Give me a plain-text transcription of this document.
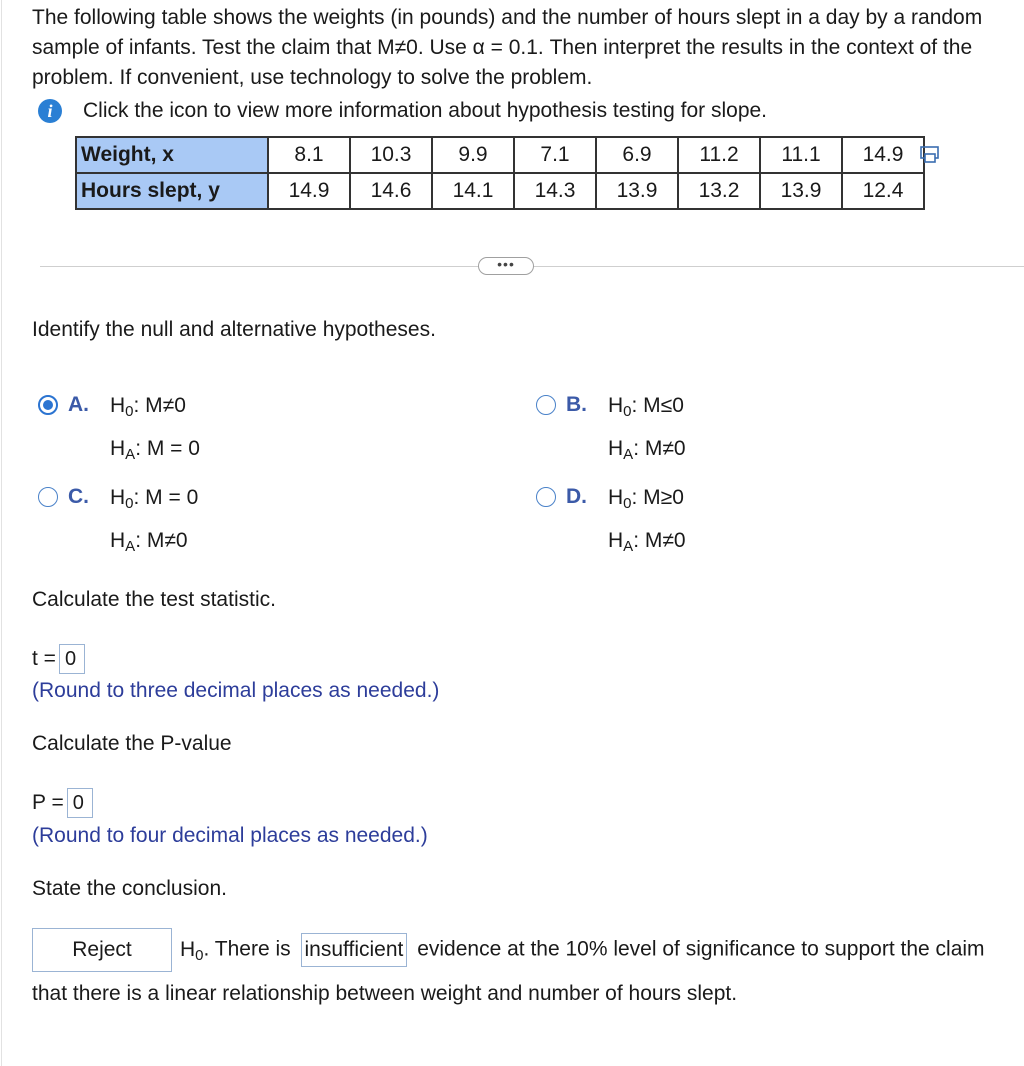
The following table shows the weights (in pounds) and the number of hours slept in a day by a random sample of infants. Test the claim that M≠0. Use α = 0.1. Then interpret the results in the context of the problem. If convenient, use technology to solve the problem.
i	Click the icon to view more information about hypothesis testing for slope.
Weight, x	8.1	10.3	9.9	7.1	6.9	11.2	11.1	14.9
Hours slept, y	14.9	14.6	14.1	14.3	13.9	13.2	13.9	12.4
•••
Identify the null and alternative hypotheses.
A.	$H_0$: M≠0
$H_A$: M = 0
B.	$H_0$: M≤0
$H_A$: M≠0
C.	$H_0$: M = 0
$H_A$: M≠0
D.	$H_0$: M≥0
$H_A$: M≠0
Calculate the test statistic.
t = 0
(Round to three decimal places as needed.)
Calculate the P-value
P = 0
(Round to four decimal places as needed.)
State the conclusion.
Reject $H_0$. There is insufficient evidence at the 10% level of significance to support the claim that there is a linear relationship between weight and number of hours slept.
